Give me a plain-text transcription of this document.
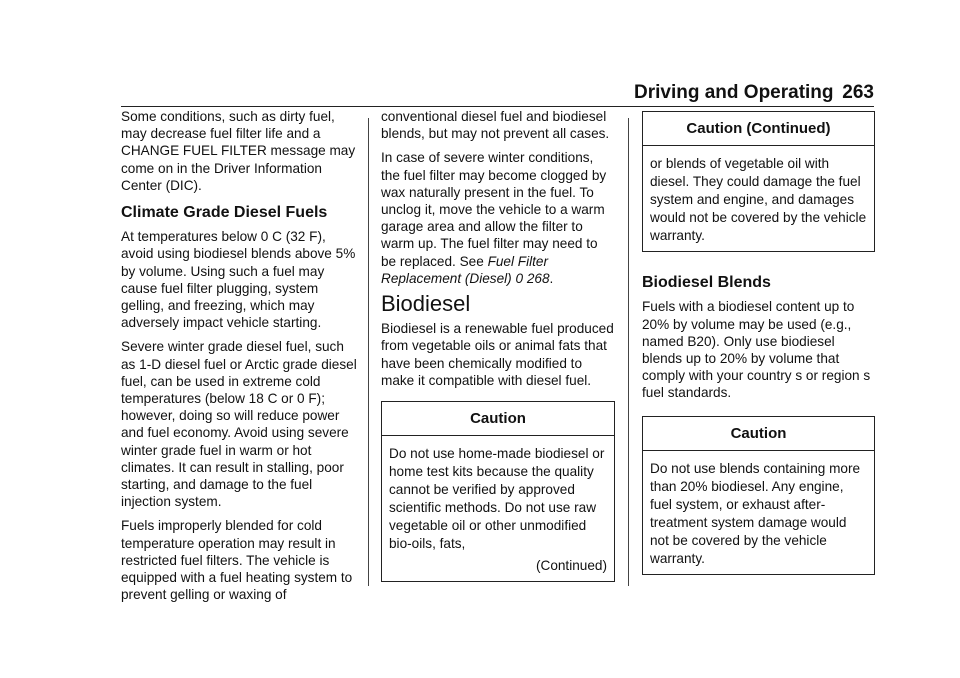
Driving and Operating 263

Some conditions, such as dirty fuel, may decrease fuel filter life and a CHANGE FUEL FILTER message may come on in the Driver Information Center (DIC).

Climate Grade Diesel Fuels

At temperatures below 0 C (32 F), avoid using biodiesel blends above 5% by volume. Using such a fuel may cause fuel filter plugging, system gelling, and freezing, which may adversely impact vehicle starting.

Severe winter grade diesel fuel, such as 1-D diesel fuel or Arctic grade diesel fuel, can be used in extreme cold temperatures (below 18 C or 0 F); however, doing so will reduce power and fuel economy. Avoid using severe winter grade fuel in warm or hot climates. It can result in stalling, poor starting, and damage to the fuel injection system.

Fuels improperly blended for cold temperature operation may result in restricted fuel filters. The vehicle is equipped with a fuel heating system to prevent gelling or waxing of

conventional diesel fuel and biodiesel blends, but may not prevent all cases.

In case of severe winter conditions, the fuel filter may become clogged by wax naturally present in the fuel. To unclog it, move the vehicle to a warm garage area and allow the filter to warm up. The fuel filter may need to be replaced. See Fuel Filter Replacement (Diesel) 0 268.

Biodiesel

Biodiesel is a renewable fuel produced from vegetable oils or animal fats that have been chemically modified to make it compatible with diesel fuel.

Caution
Do not use home-made biodiesel or home test kits because the quality cannot be verified by approved scientific methods. Do not use raw vegetable oil or other unmodified bio-oils, fats,
(Continued)
Caution (Continued)
or blends of vegetable oil with diesel. They could damage the fuel system and engine, and damages would not be covered by the vehicle warranty.
Biodiesel Blends

Fuels with a biodiesel content up to 20% by volume may be used (e.g., named B20). Only use biodiesel blends up to 20% by volume that comply with your country s or region s fuel standards.

Caution
Do not use blends containing more than 20% biodiesel. Any engine, fuel system, or exhaust after-treatment system damage would not be covered by the vehicle warranty.
